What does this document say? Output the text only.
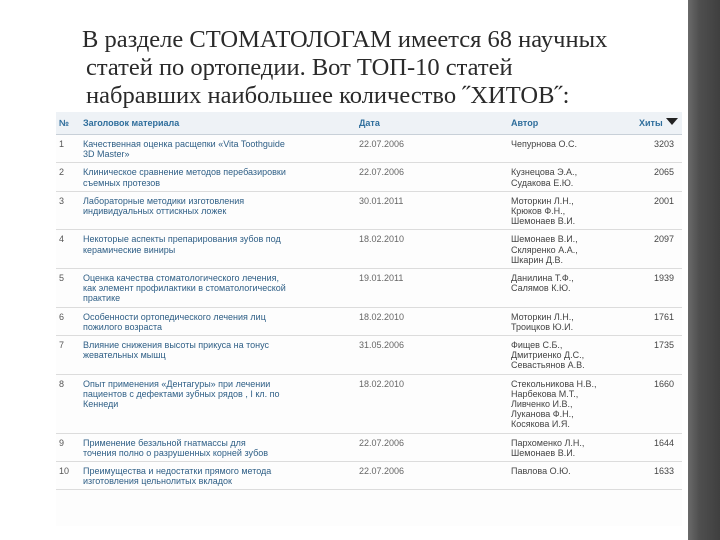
В разделе СТОМАТОЛОГАМ имеется 68 научных
статей по ортопедии. Вот ТОП-10 статей
набравших наибольшее количество ˝ХИТОВ˝:

№	Заголовок материала	Дата	Автор	Хиты

1	Качественная оценка расщепки «Vita Toothguide
3D Master»	22.07.2006	Чепурнова О.С.	3203
2	Клиническое сравнение методов перебазировки
съемных протезов	22.07.2006	Кузнецова Э.А.,
Судакова Е.Ю.	2065
3	Лабораторные методики изготовления
индивидуальных оттискных ложек	30.01.2011	Моторкин Л.Н.,
Крюков Ф.Н.,
Шемонаев В.И.	2001
4	Некоторые аспекты препарирования зубов под
керамические виниры	18.02.2010	Шемонаев В.И.,
Скляренко А.А.,
Шкарин Д.В.	2097
5	Оценка качества стоматологического лечения,
как элемент профилактики в стоматологической
практике	19.01.2011	Данилина Т.Ф.,
Салямов К.Ю.	1939
6	Особенности ортопедического лечения лиц
пожилого возраста	18.02.2010	Моторкин Л.Н.,
Троицков Ю.И.	1761
7	Влияние снижения высоты прикуса на тонус
жевательных мышц	31.05.2006	Фищев С.Б.,
Дмитриенко Д.С.,
Севастьянов А.В.	1735
8	Опыт применения «Дентагуры» при лечении
пациентов с дефектами зубных рядов , I кл. по
Кеннеди	18.02.2010	Стекольникова Н.В.,
Нарбекова М.Т.,
Ливченко И.В.,
Луканова Ф.Н.,
Косякова И.Я.	1660
9	Применение безэльной гнатмассы для
точения полно о разрушенных корней зубов	22.07.2006	Пархоменко Л.Н.,
Шемонаев В.И.	1644
10	Преимущества и недостатки прямого метода
изготовления цельнолитых вкладок	22.07.2006	Павлова О.Ю.	1633
